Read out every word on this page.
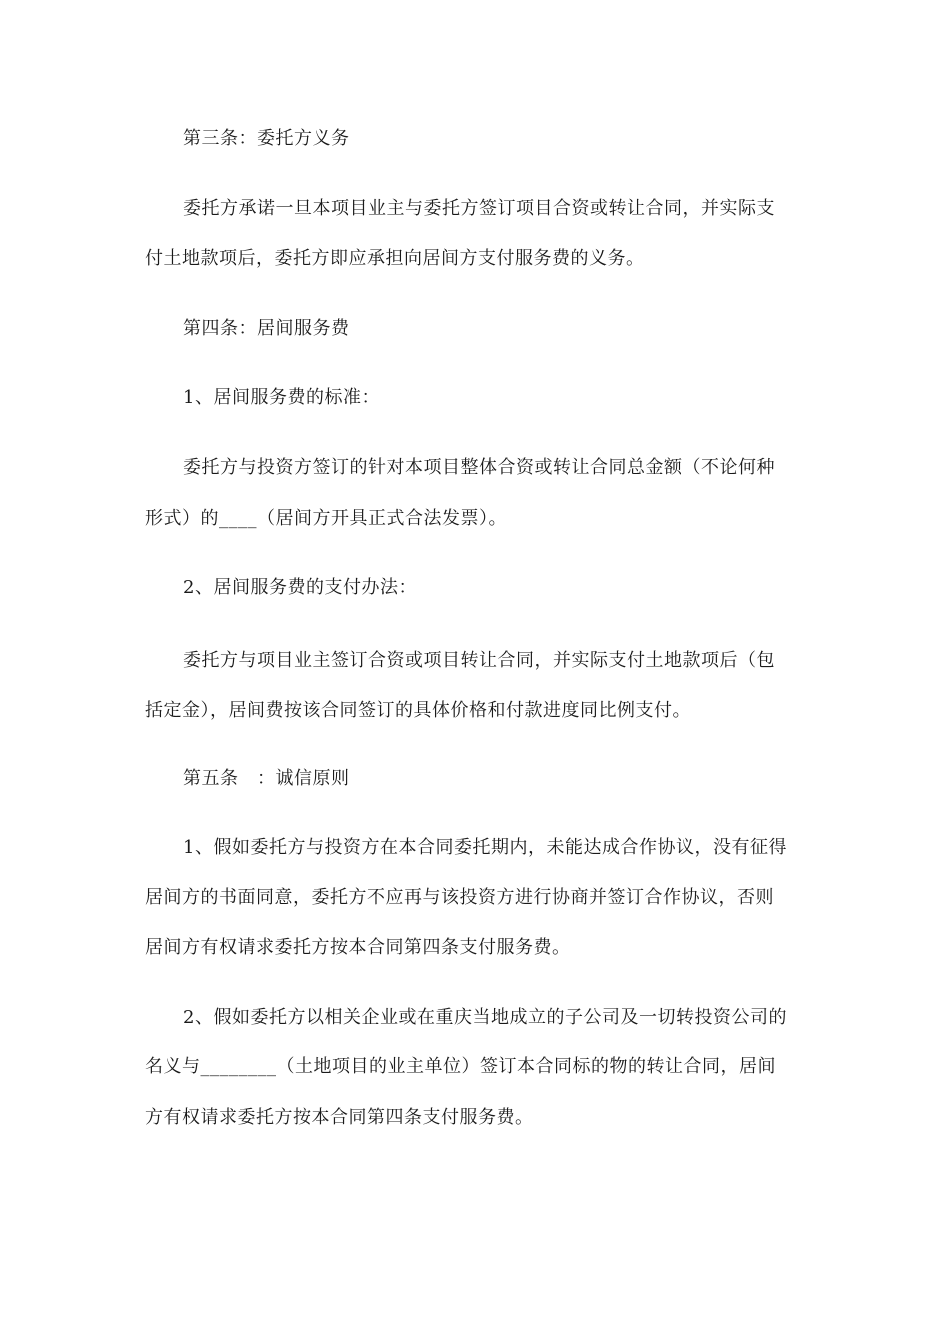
第三条：委托方义务
委托方承诺一旦本项目业主与委托方签订项目合资或转让合同，并实际支
付土地款项后，委托方即应承担向居间方支付服务费的义务。
第四条：居间服务费
1、居间服务费的标准：
委托方与投资方签订的针对本项目整体合资或转让合同总金额（不论何种
形式）的____（居间方开具正式合法发票）。
2、居间服务费的支付办法：
委托方与项目业主签订合资或项目转让合同，并实际支付土地款项后（包
括定金），居间费按该合同签订的具体价格和付款进度同比例支付。
第五条　：诚信原则
1、假如委托方与投资方在本合同委托期内，未能达成合作协议，没有征得
居间方的书面同意，委托方不应再与该投资方进行协商并签订合作协议，否则
居间方有权请求委托方按本合同第四条支付服务费。
2、假如委托方以相关企业或在重庆当地成立的子公司及一切转投资公司的
名义与________（土地项目的业主单位）签订本合同标的物的转让合同，居间
方有权请求委托方按本合同第四条支付服务费。
